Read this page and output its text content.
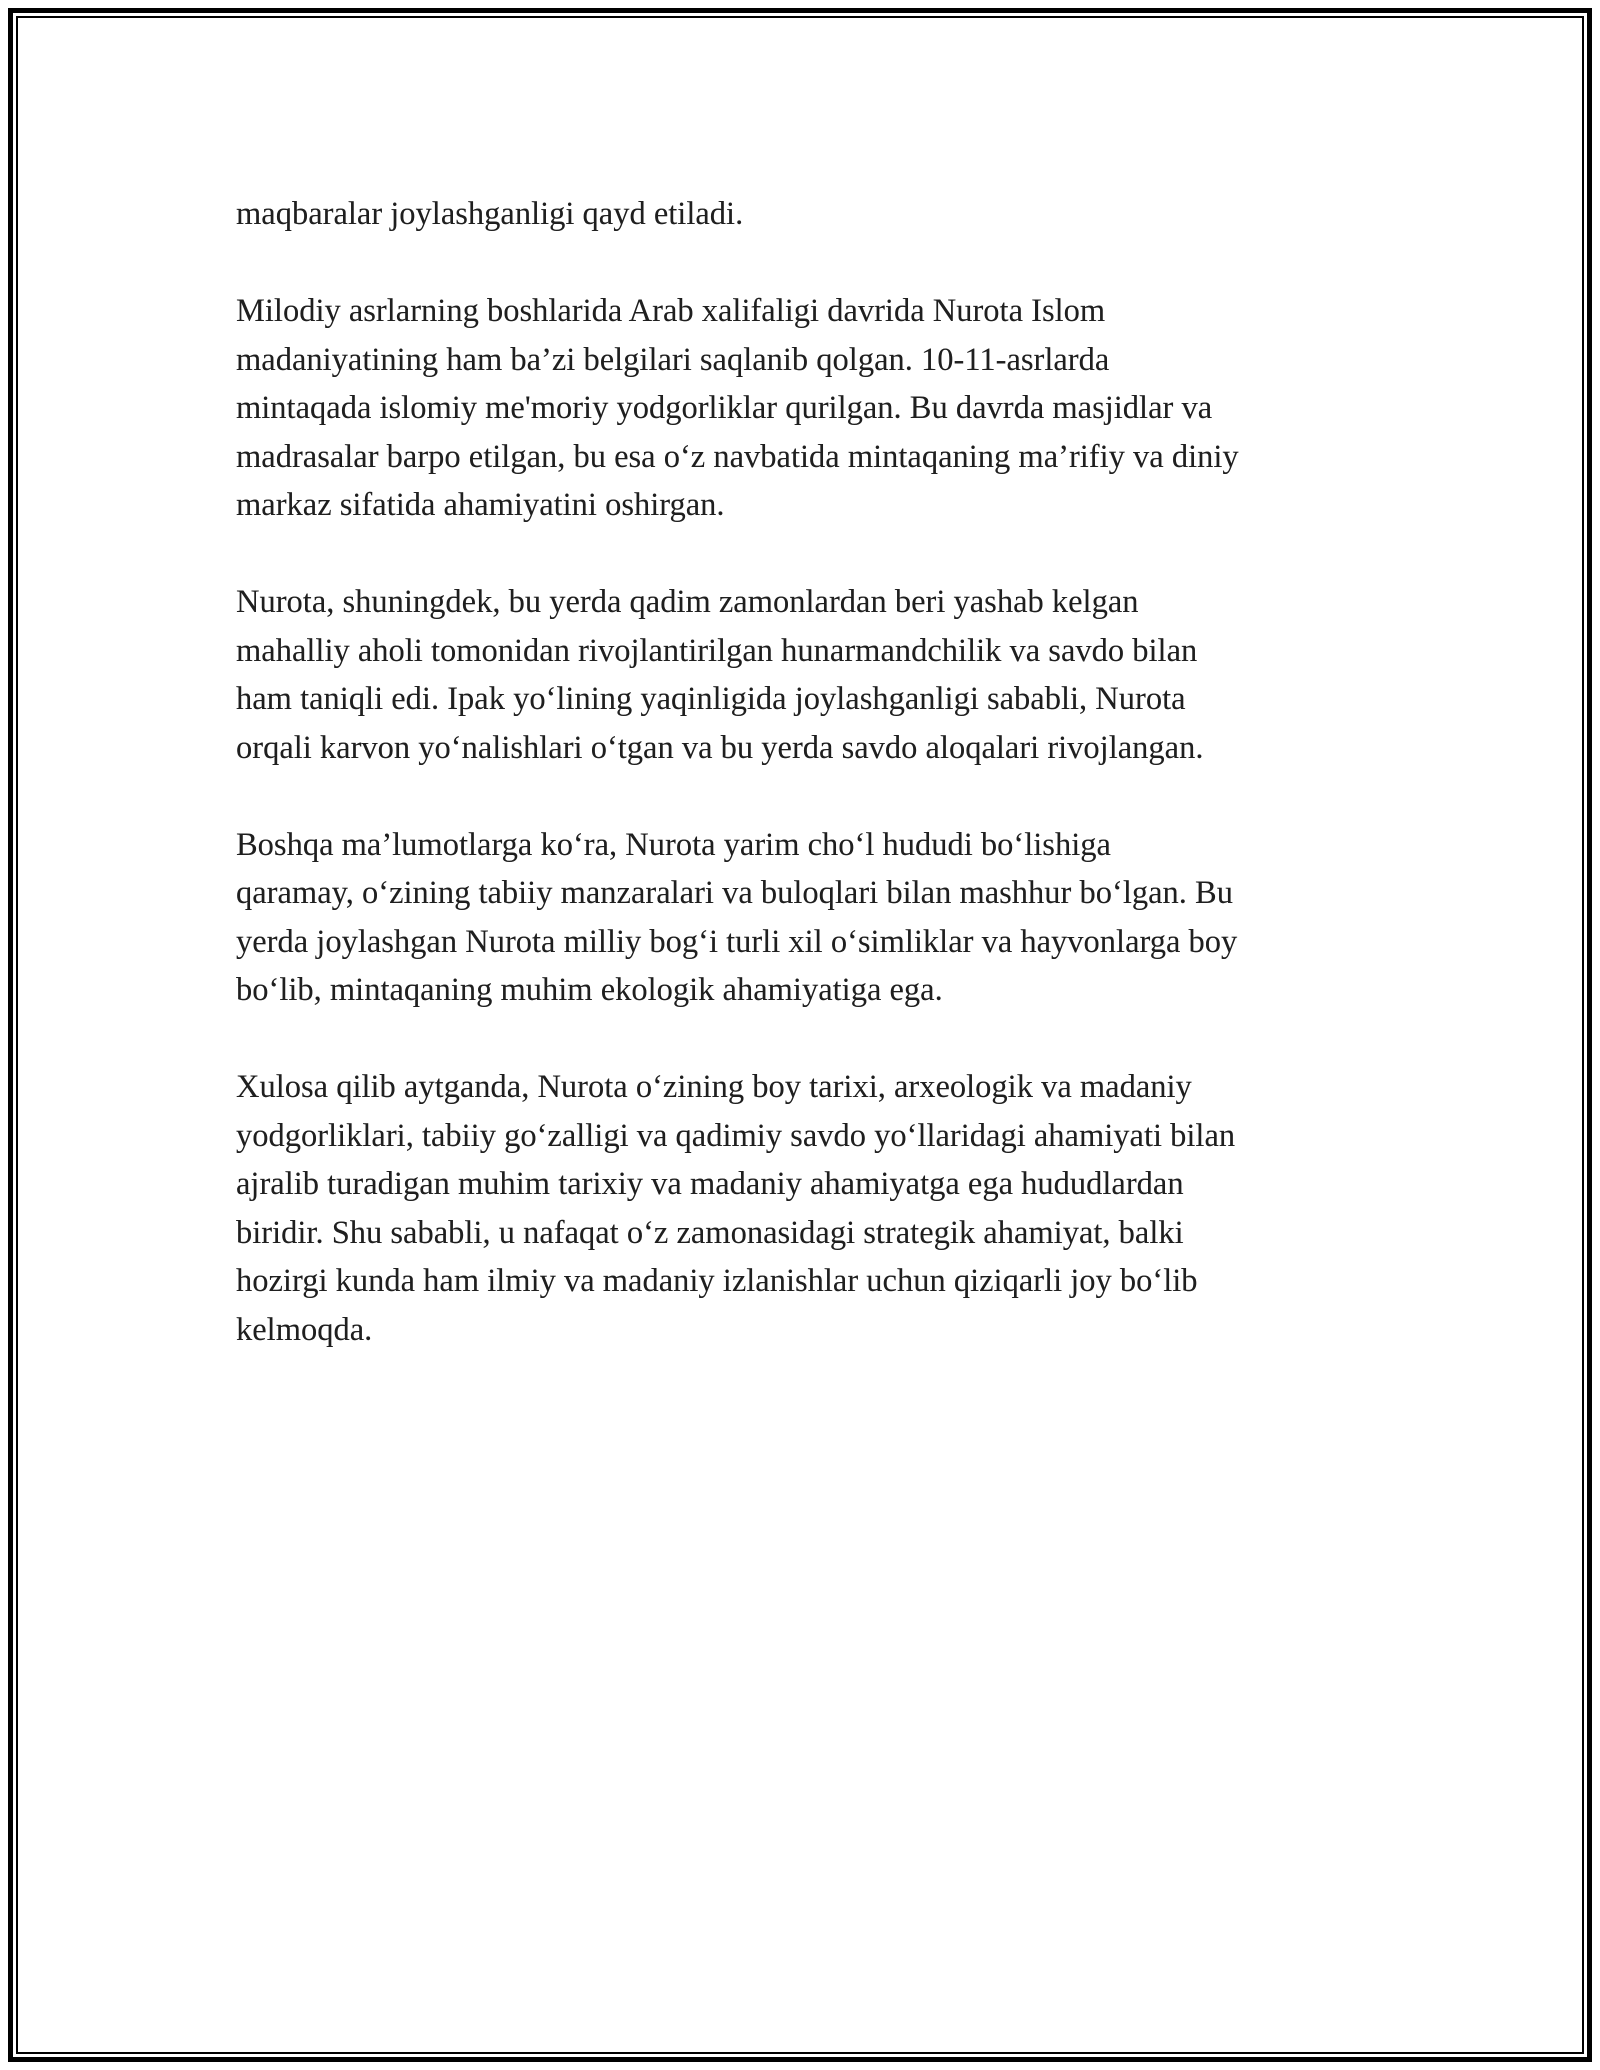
maqbaralar joylashganligi qayd etiladi.

Milodiy asrlarning boshlarida Arab xalifaligi davrida Nurota Islom
madaniyatining ham ba’zi belgilari saqlanib qolgan. 10-11-asrlarda
mintaqada islomiy me'moriy yodgorliklar qurilgan. Bu davrda masjidlar va
madrasalar barpo etilgan, bu esa o‘z navbatida mintaqaning ma’rifiy va diniy
markaz sifatida ahamiyatini oshirgan.

Nurota, shuningdek, bu yerda qadim zamonlardan beri yashab kelgan
mahalliy aholi tomonidan rivojlantirilgan hunarmandchilik va savdo bilan
ham taniqli edi. Ipak yo‘lining yaqinligida joylashganligi sababli, Nurota
orqali karvon yo‘nalishlari o‘tgan va bu yerda savdo aloqalari rivojlangan.

Boshqa ma’lumotlarga ko‘ra, Nurota yarim cho‘l hududi bo‘lishiga
qaramay, o‘zining tabiiy manzaralari va buloqlari bilan mashhur bo‘lgan. Bu
yerda joylashgan Nurota milliy bog‘i turli xil o‘simliklar va hayvonlarga boy
bo‘lib, mintaqaning muhim ekologik ahamiyatiga ega.

Xulosa qilib aytganda, Nurota o‘zining boy tarixi, arxeologik va madaniy
yodgorliklari, tabiiy go‘zalligi va qadimiy savdo yo‘llaridagi ahamiyati bilan
ajralib turadigan muhim tarixiy va madaniy ahamiyatga ega hududlardan
biridir. Shu sababli, u nafaqat o‘z zamonasidagi strategik ahamiyat, balki
hozirgi kunda ham ilmiy va madaniy izlanishlar uchun qiziqarli joy bo‘lib
kelmoqda.
